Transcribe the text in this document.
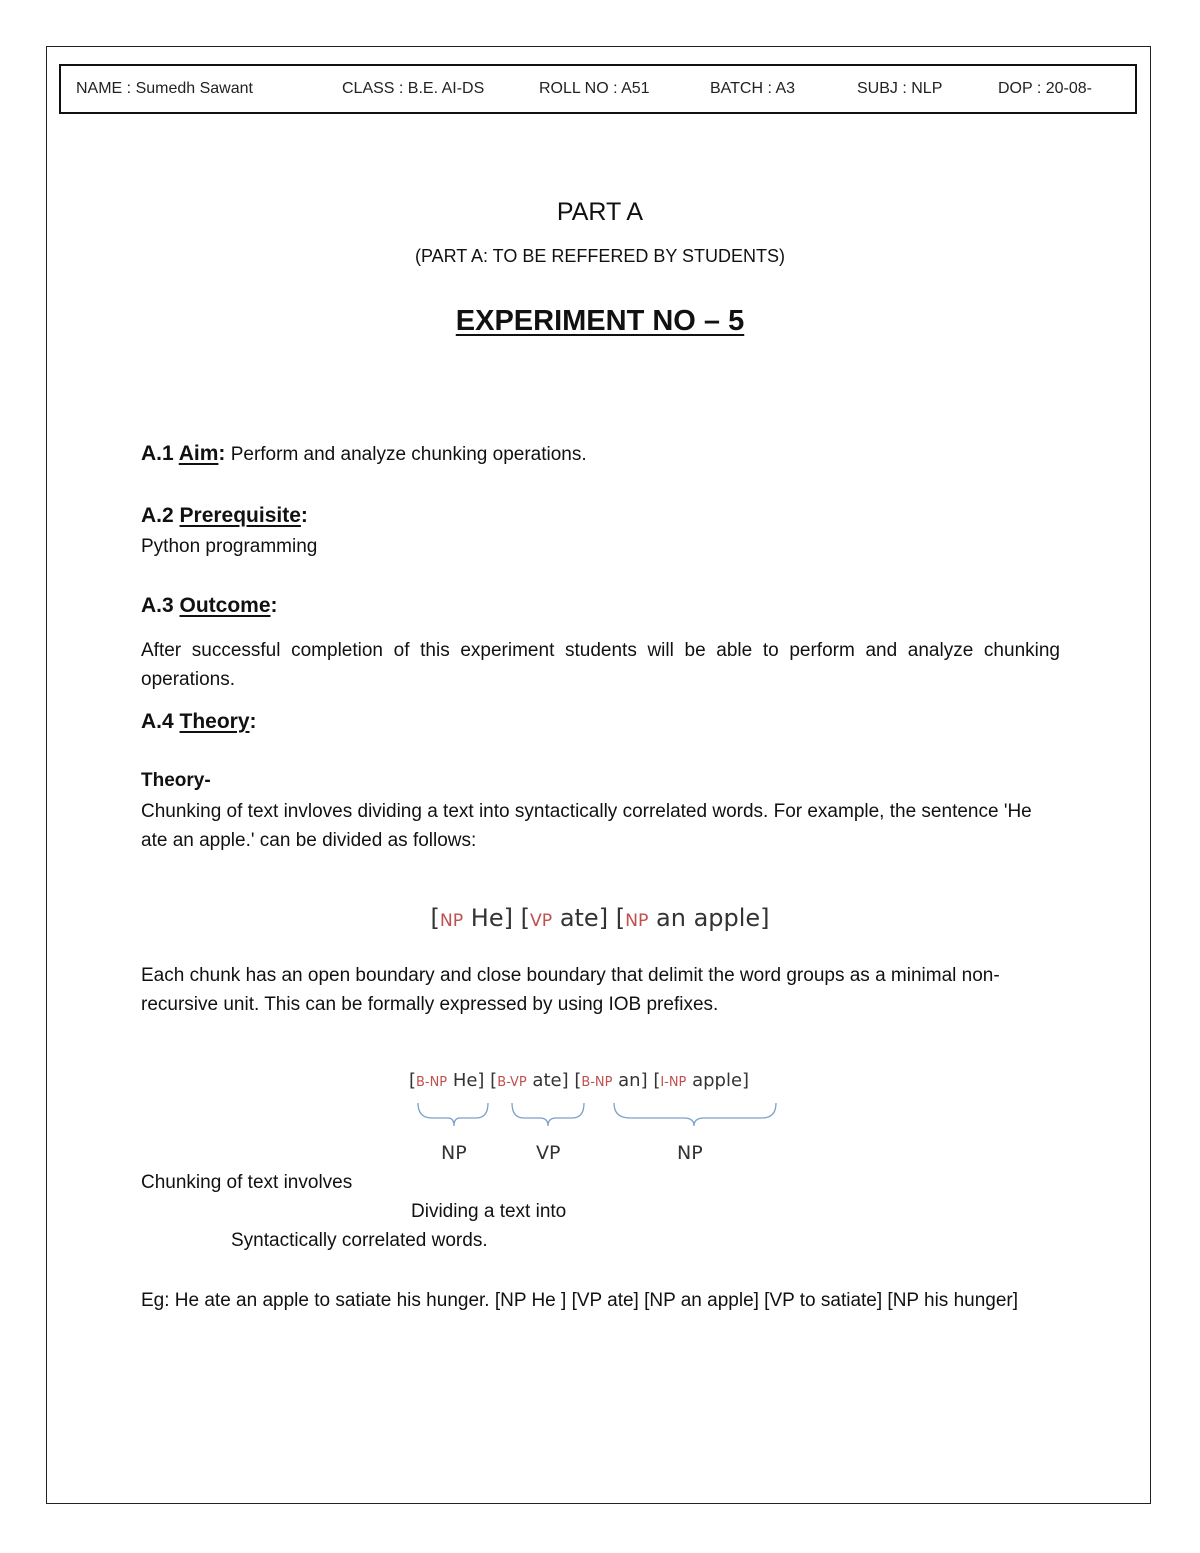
NAME : Sumedh Sawant	CLASS : B.E. AI-DS	ROLL NO : A51	BATCH : A3	SUBJ : NLP	DOP : 20-08-
PART A
(PART A: TO BE REFFERED BY STUDENTS)
EXPERIMENT NO – 5
A.1 Aim: Perform and analyze chunking operations.
A.2 Prerequisite:
Python programming
A.3 Outcome:
After successful completion of this experiment students will be able to perform and analyze chunking operations.
A.4 Theory:
Theory-
Chunking of text invloves dividing a text into syntactically correlated words. For example, the sentence 'He ate an apple.' can be divided as follows:
[NP He] [VP ate] [NP an apple]
Each chunk has an open boundary and close boundary that delimit the word groups as a minimal non-recursive unit. This can be formally expressed by using IOB prefixes.
[B-NP He] [B-VP ate] [B-NP an] [I-NP apple]
NP	VP	NP
Chunking of text involves
Dividing a text into
Syntactically correlated words.
Eg: He ate an apple to satiate his hunger. [NP He ] [VP ate] [NP an apple] [VP to satiate] [NP his hunger]
